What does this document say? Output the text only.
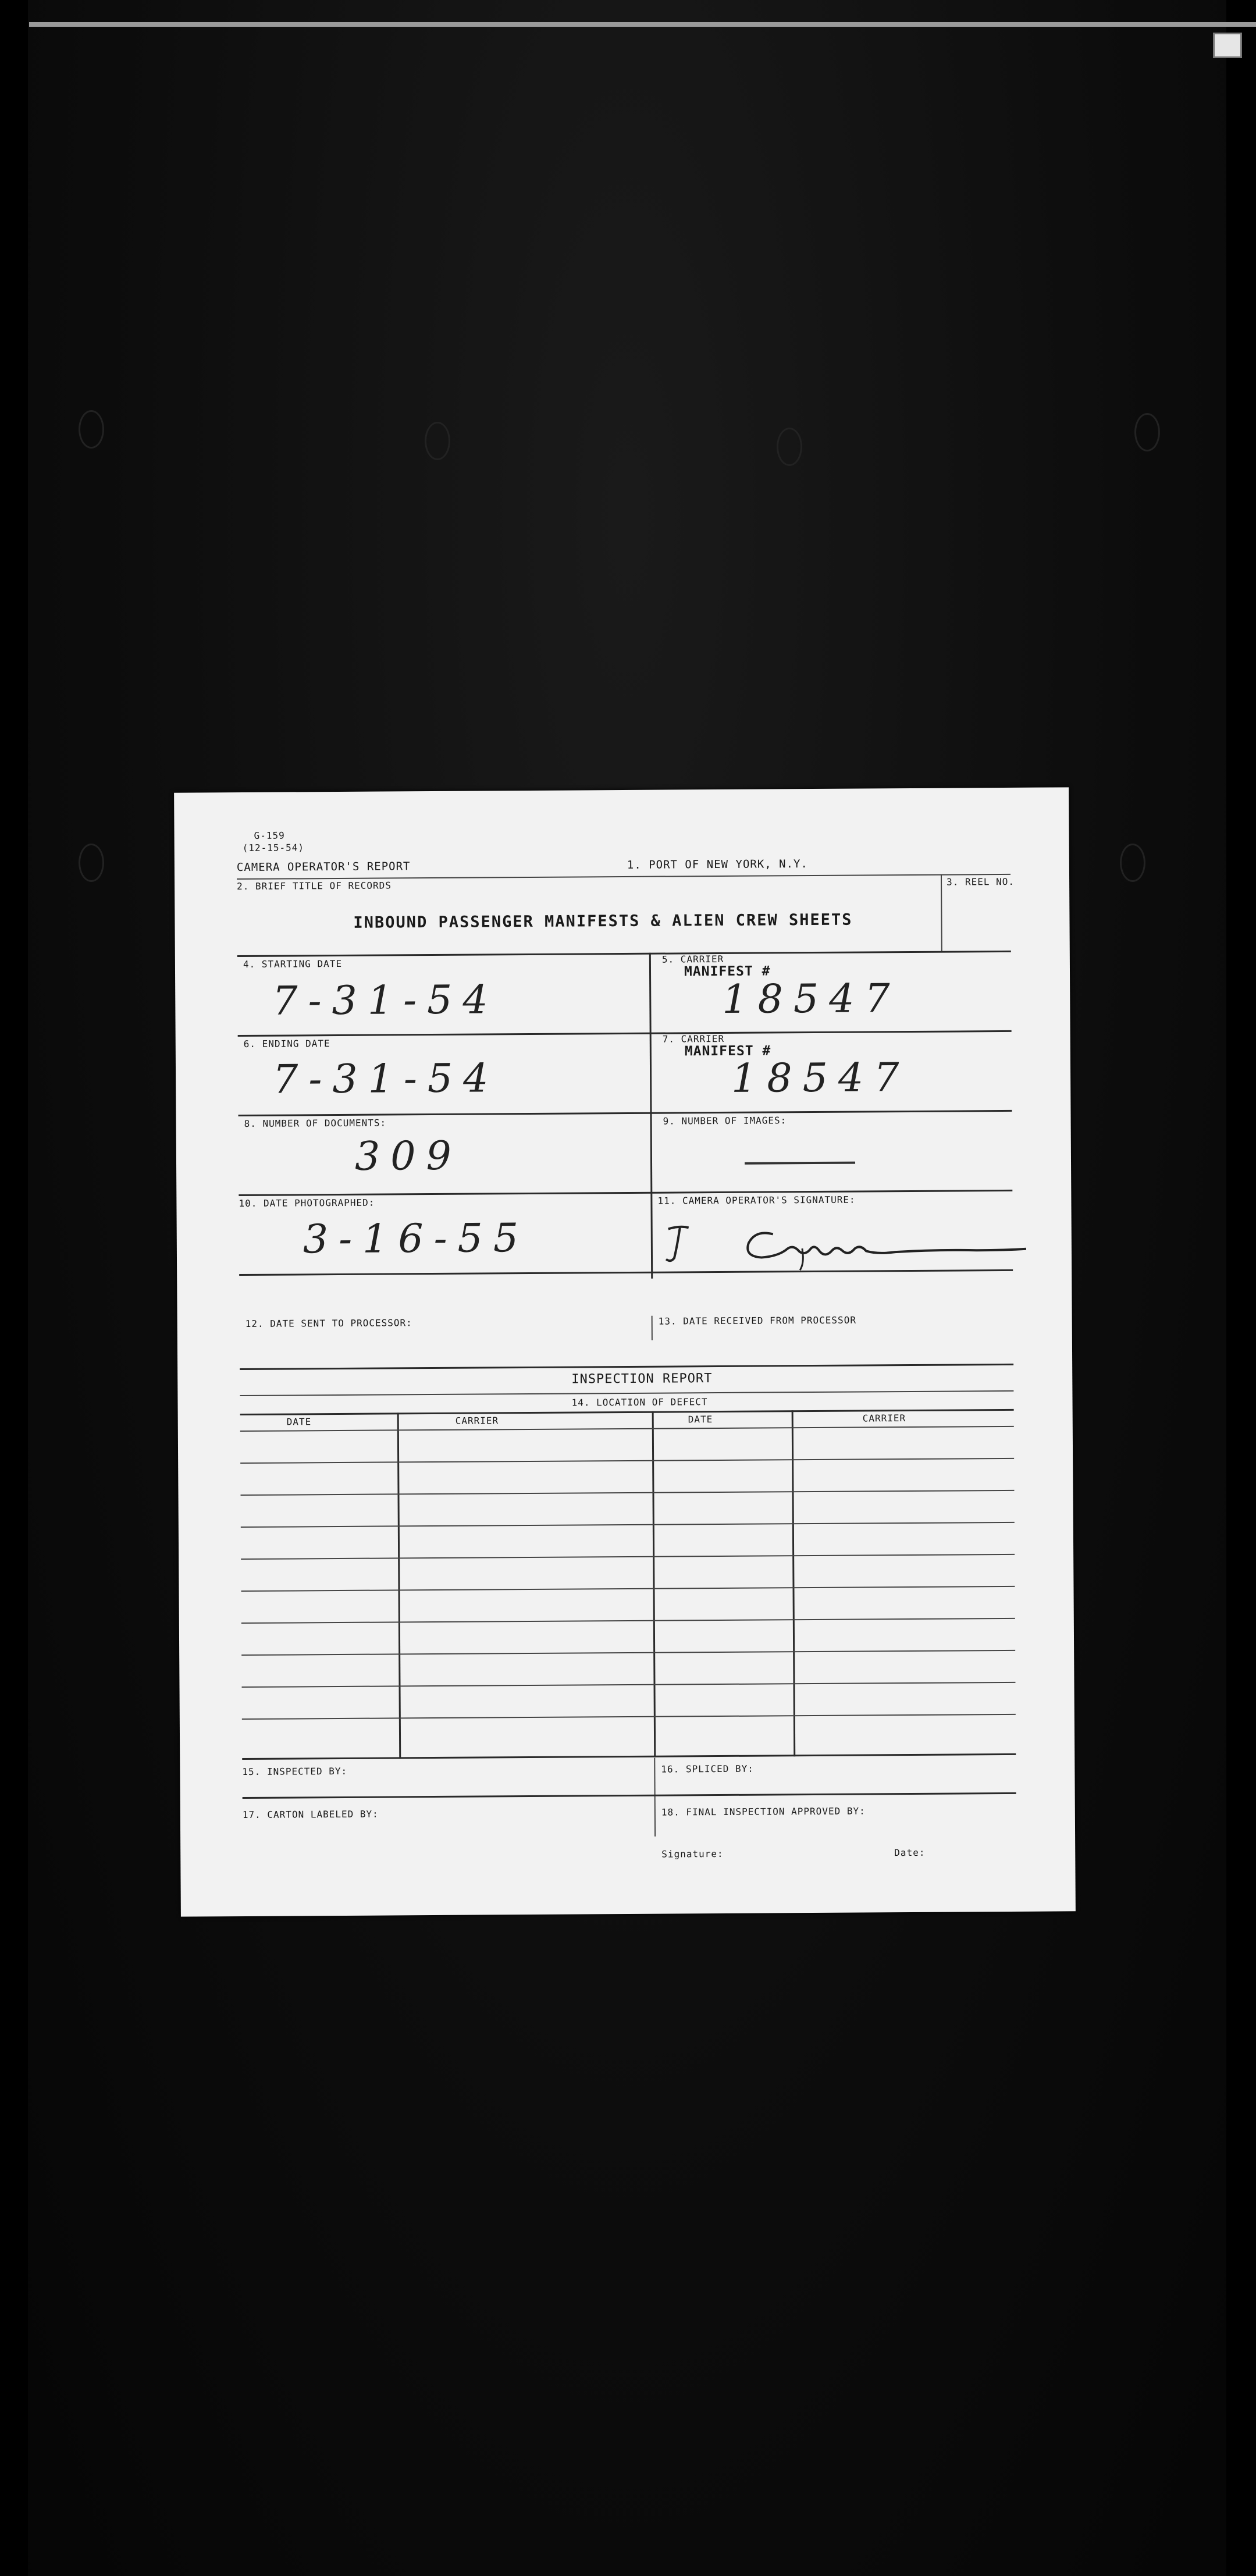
G-159
(12-15-54)
CAMERA OPERATOR'S REPORT	1. PORT OF NEW YORK, N.Y.
2. BRIEF TITLE OF RECORDS
INBOUND PASSENGER MANIFESTS & ALIEN CREW SHEETS
3. REEL NO.
4. STARTING DATE
7-31-54
5. CARRIER
MANIFEST #
18547
6. ENDING DATE
7-31-54
7. CARRIER
MANIFEST #
18547
8. NUMBER OF DOCUMENTS:
309
9. NUMBER OF IMAGES:
10. DATE PHOTOGRAPHED:
3-16-55
11. CAMERA OPERATOR'S SIGNATURE:
12. DATE SENT TO PROCESSOR:	13. DATE RECEIVED FROM PROCESSOR
INSPECTION REPORT
14. LOCATION OF DEFECT
DATE	CARRIER	DATE	CARRIER
15. INSPECTED BY:	16. SPLICED BY:
17. CARTON LABELED BY:	18. FINAL INSPECTION APPROVED BY:
Signature:	Date:
